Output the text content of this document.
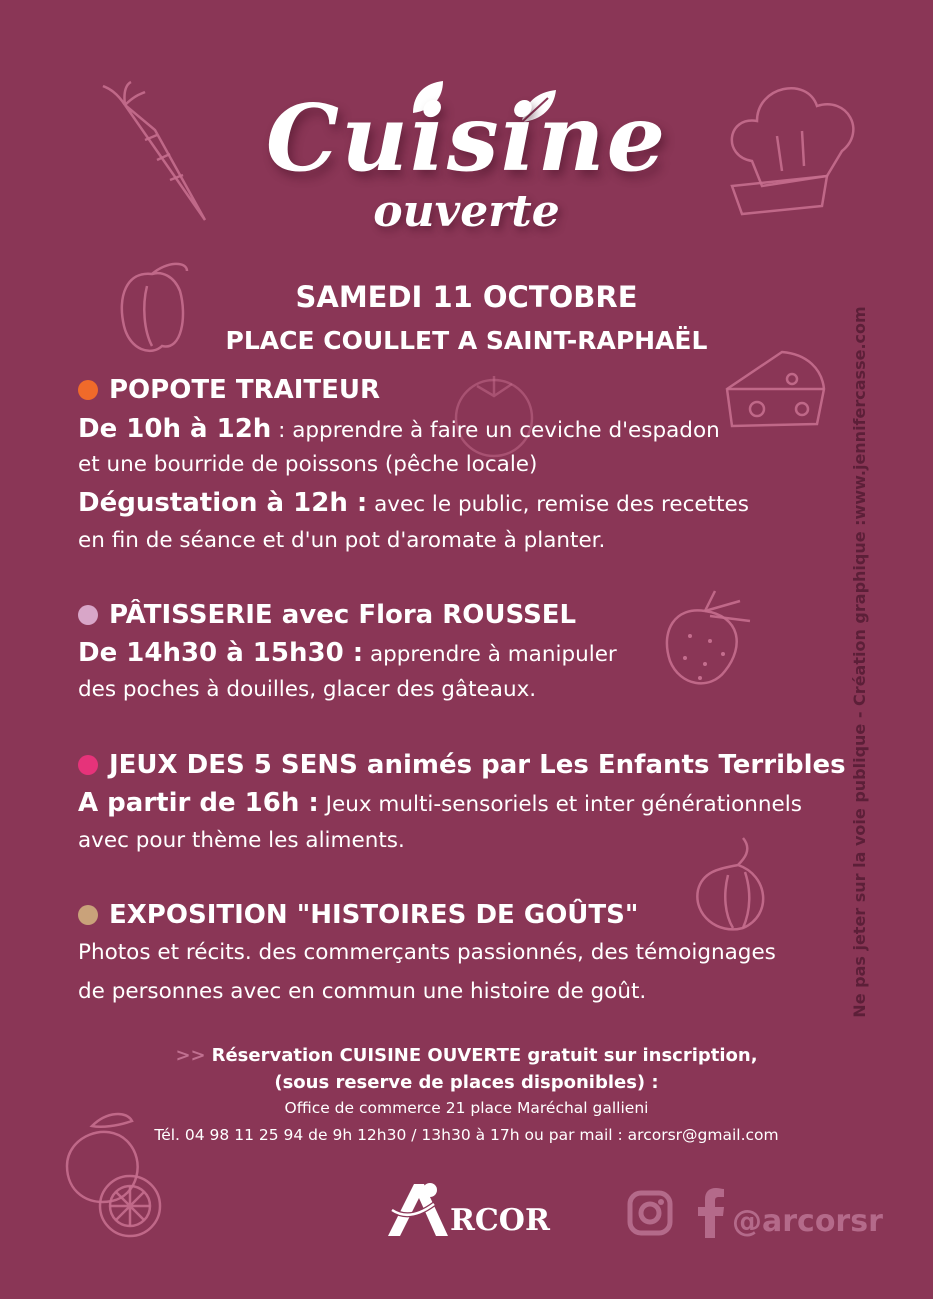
Cuisine
ouverte
SAMEDI 11 OCTOBRE
PLACE COULLET A SAINT-RAPHAËL
POPOTE TRAITEUR
De 10h à 12h : apprendre à faire un ceviche d'espadon
et une bourride de poissons (pêche locale)
Dégustation à 12h : avec le public, remise des recettes
en fin de séance et d'un pot d'aromate à planter.
PÂTISSERIE avec Flora ROUSSEL
De 14h30 à 15h30 : apprendre à manipuler
des poches à douilles, glacer des gâteaux.
JEUX DES 5 SENS animés par Les Enfants Terribles
A partir de 16h : Jeux multi-sensoriels et inter générationnels
avec pour thème les aliments.
EXPOSITION "HISTOIRES DE GOÛTS"
Photos et récits. des commerçants passionnés, des témoignages
de personnes avec en commun une histoire de goût.
>> Réservation CUISINE OUVERTE gratuit sur inscription,
(sous reserve de places disponibles) :
Office de commerce 21 place Maréchal gallieni
Tél. 04 98 11 25 94 de 9h 12h30 / 13h30 à 17h ou par mail : arcorsr@gmail.com
Ne pas jeter sur la voie publique - Création graphique :www.jennifercasse.com
RCOR	@arcorsr
